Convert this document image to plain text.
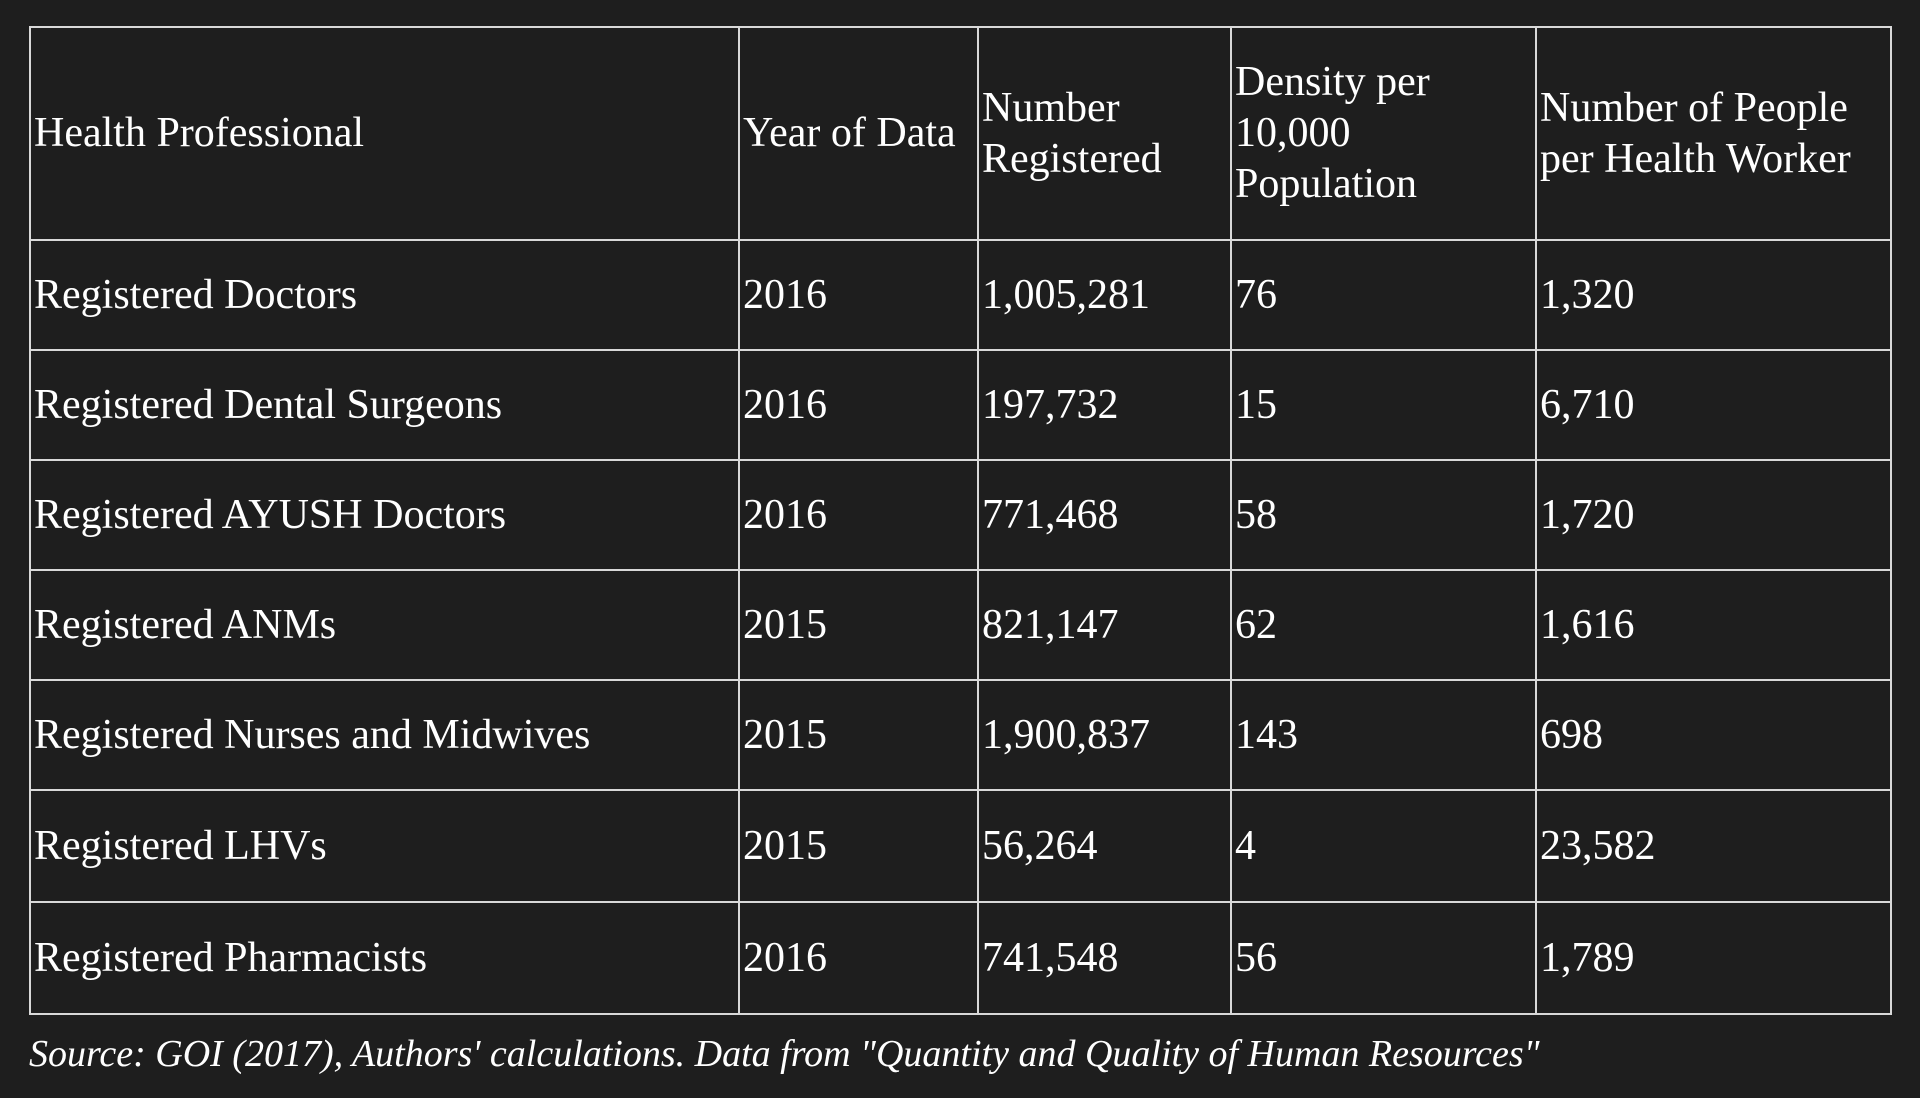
Health Professional	Year of Data	Number Registered	Density per 10,000 Population	Number of People per Health Worker
Registered Doctors	2016	1,005,281	76	1,320
Registered Dental Surgeons	2016	197,732	15	6,710
Registered AYUSH Doctors	2016	771,468	58	1,720
Registered ANMs	2015	821,147	62	1,616
Registered Nurses and Midwives	2015	1,900,837	143	698
Registered LHVs	2015	56,264	4	23,582
Registered Pharmacists	2016	741,548	56	1,789
Source: GOI (2017), Authors' calculations. Data from "Quantity and Quality of Human Resources"
